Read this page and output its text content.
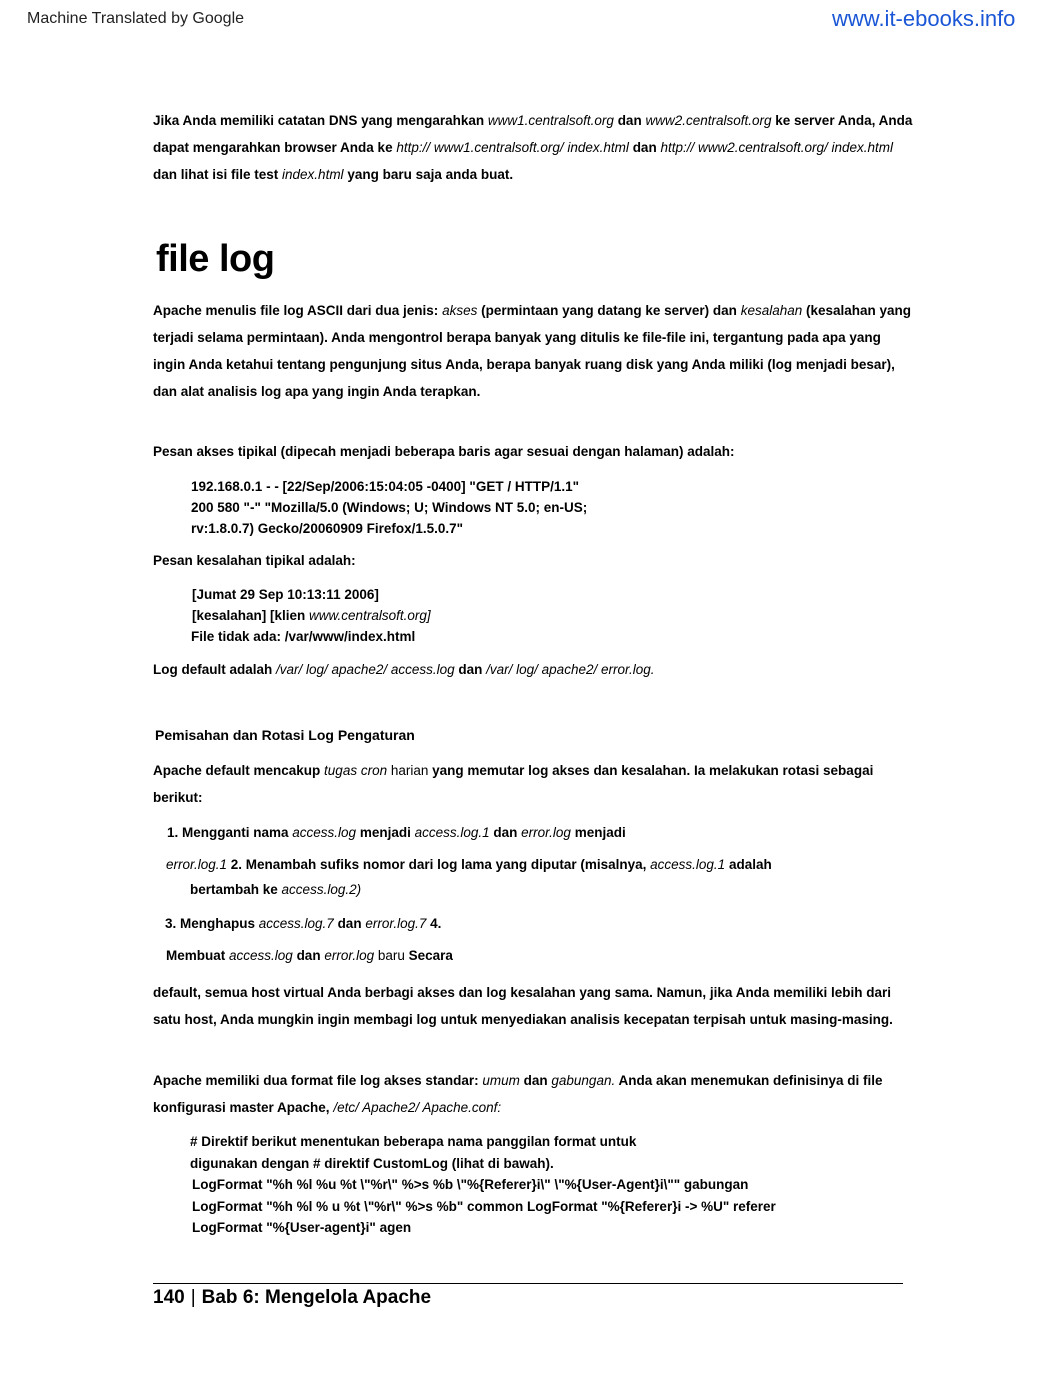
Machine Translated by Google	www.it-ebooks.info
Jika Anda memiliki catatan DNS yang mengarahkan www1.centralsoft.org dan www2.centralsoft.org ke server Anda, Anda dapat mengarahkan browser Anda ke http:// www1.centralsoft.org/ index.html dan http:// www2.centralsoft.org/ index.html dan lihat isi file test index.html yang baru saja anda buat.
file log
Apache menulis file log ASCII dari dua jenis: akses (permintaan yang datang ke server) dan kesalahan (kesalahan yang terjadi selama permintaan). Anda mengontrol berapa banyak yang ditulis ke file-file ini, tergantung pada apa yang ingin Anda ketahui tentang pengunjung situs Anda, berapa banyak ruang disk yang Anda miliki (log menjadi besar), dan alat analisis log apa yang ingin Anda terapkan.
Pesan akses tipikal (dipecah menjadi beberapa baris agar sesuai dengan halaman) adalah:
192.168.0.1 - - [22/Sep/2006:15:04:05 -0400] "GET / HTTP/1.1"
200 580 "-" "Mozilla/5.0 (Windows; U; Windows NT 5.0; en-US;
rv:1.8.0.7) Gecko/20060909 Firefox/1.5.0.7"
Pesan kesalahan tipikal adalah:
[Jumat 29 Sep 10:13:11 2006]
[kesalahan] [klien www.centralsoft.org]
File tidak ada: /var/www/index.html
Log default adalah /var/ log/ apache2/ access.log dan /var/ log/ apache2/ error.log.
Pemisahan dan Rotasi Log Pengaturan
Apache default mencakup tugas cron harian yang memutar log akses dan kesalahan. Ia melakukan rotasi sebagai berikut:
1. Mengganti nama access.log menjadi access.log.1 dan error.log menjadi
error.log.1 2. Menambah sufiks nomor dari log lama yang diputar (misalnya, access.log.1 adalah
bertambah ke access.log.2)
3. Menghapus access.log.7 dan error.log.7 4.
Membuat access.log dan error.log baru Secara
default, semua host virtual Anda berbagi akses dan log kesalahan yang sama. Namun, jika Anda memiliki lebih dari satu host, Anda mungkin ingin membagi log untuk menyediakan analisis kecepatan terpisah untuk masing-masing.
Apache memiliki dua format file log akses standar: umum dan gabungan. Anda akan menemukan definisinya di file konfigurasi master Apache, /etc/ Apache2/ Apache.conf:
# Direktif berikut menentukan beberapa nama panggilan format untuk
digunakan dengan # direktif CustomLog (lihat di bawah).
LogFormat "%h %l %u %t \"%r\" %>s %b \"%{Referer}i\" \"%{User-Agent}i\"" gabungan
LogFormat "%h %l % u %t \"%r\" %>s %b" common LogFormat "%{Referer}i -> %U" referer
LogFormat "%{User-agent}i" agen
140 | Bab 6: Mengelola Apache
